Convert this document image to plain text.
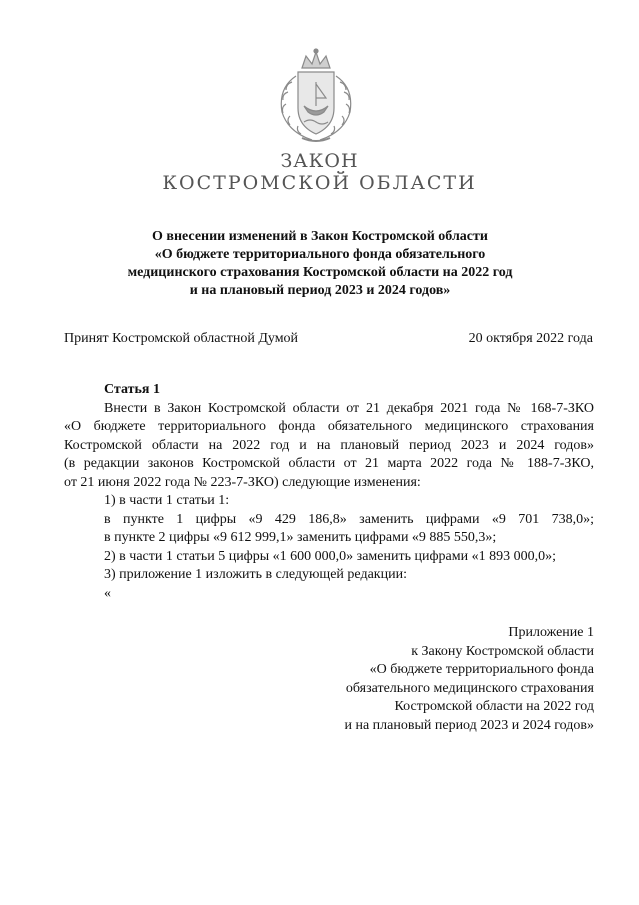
ЗАКОН
КОСТРОМСКОЙ ОБЛАСТИ
О внесении изменений в Закон Костромской области
«О бюджете территориального фонда обязательного
медицинского страхования Костромской области на 2022 год
и на плановый период 2023 и 2024 годов»
Принят Костромской областной Думой	20 октября 2022 года
Статья 1
Внести в Закон Костромской области от 21 декабря 2021 года № 168-7-ЗКО
«О бюджете территориального фонда обязательного медицинского страхования
Костромской области на 2022 год и на плановый период 2023 и 2024 годов»
(в редакции законов Костромской области от 21 марта 2022 года № 188-7-ЗКО,
от 21 июня 2022 года № 223-7-ЗКО) следующие изменения:
1) в части 1 статьи 1:
в пункте 1 цифры «9 429 186,8» заменить цифрами «9 701 738,0»;
в пункте 2 цифры «9 612 999,1» заменить цифрами «9 885 550,3»;
2) в части 1 статьи 5 цифры «1 600 000,0» заменить цифрами «1 893 000,0»;
3) приложение 1 изложить в следующей редакции:
«
Приложение 1
к Закону Костромской области
«О бюджете территориального фонда
обязательного медицинского страхования
Костромской области на 2022 год
и на плановый период 2023 и 2024 годов»
